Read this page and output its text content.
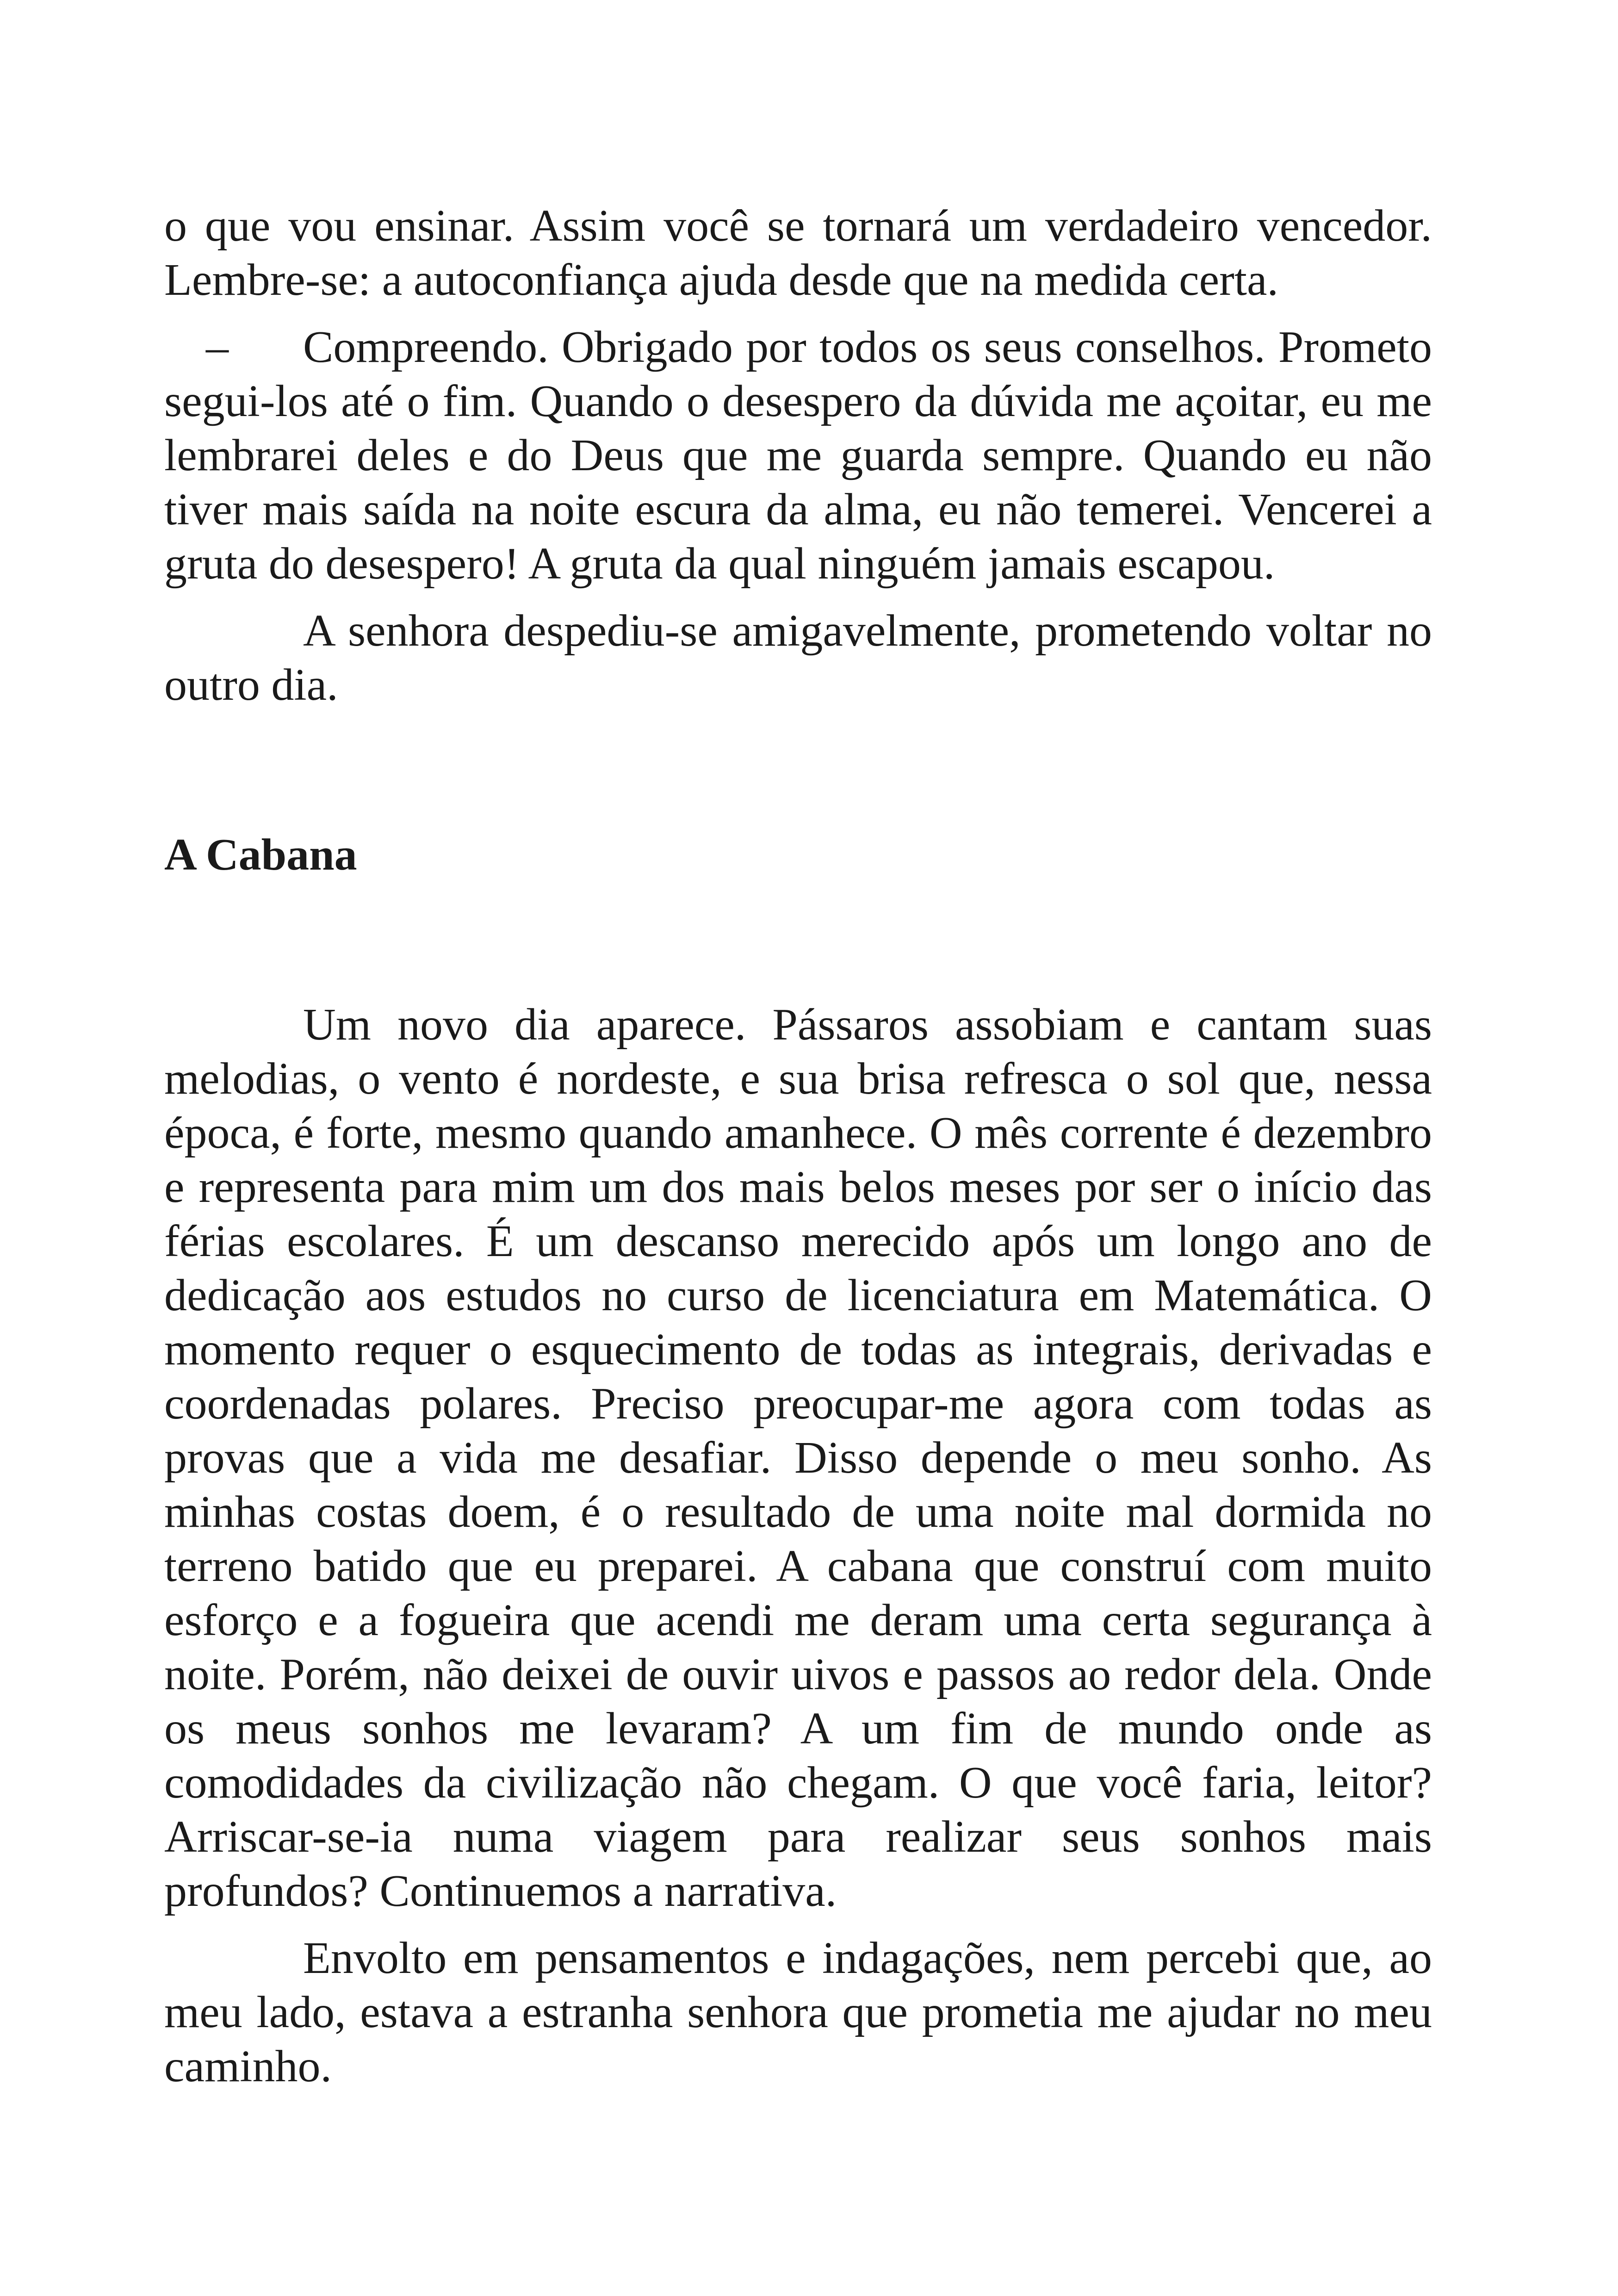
o que vou ensinar. Assim você se tornará um verdadeiro vencedor. Lembre-se: a autoconfiança ajuda desde que na medida certa.

– Compreendo. Obrigado por todos os seus conselhos. Prometo segui-los até o fim. Quando o desespero da dúvida me açoitar, eu me lembrarei deles e do Deus que me guarda sempre. Quando eu não tiver mais saída na noite escura da alma, eu não temerei. Vencerei a gruta do desespero! A gruta da qual ninguém jamais escapou.

A senhora despediu-se amigavelmente, prometendo voltar no outro dia.

A Cabana

Um novo dia aparece. Pássaros assobiam e cantam suas melodias, o vento é nordeste, e sua brisa refresca o sol que, nessa época, é forte, mesmo quando amanhece. O mês corrente é dezembro e representa para mim um dos mais belos meses por ser o início das férias escolares. É um descanso merecido após um longo ano de dedicação aos estudos no curso de licenciatura em Matemática. O momento requer o esquecimento de todas as integrais, derivadas e coordenadas polares. Preciso preocupar-me agora com todas as provas que a vida me desafiar. Disso depende o meu sonho. As minhas costas doem, é o resultado de uma noite mal dormida no terreno batido que eu preparei. A cabana que construí com muito esforço e a fogueira que acendi me deram uma certa segurança à noite. Porém, não deixei de ouvir uivos e passos ao redor dela. Onde os meus sonhos me levaram? A um fim de mundo onde as comodidades da civilização não chegam. O que você faria, leitor? Arriscar-se-ia numa viagem para realizar seus sonhos mais profundos? Continuemos a narrativa.

Envolto em pensamentos e indagações, nem percebi que, ao meu lado, estava a estranha senhora que prometia me ajudar no meu caminho.
